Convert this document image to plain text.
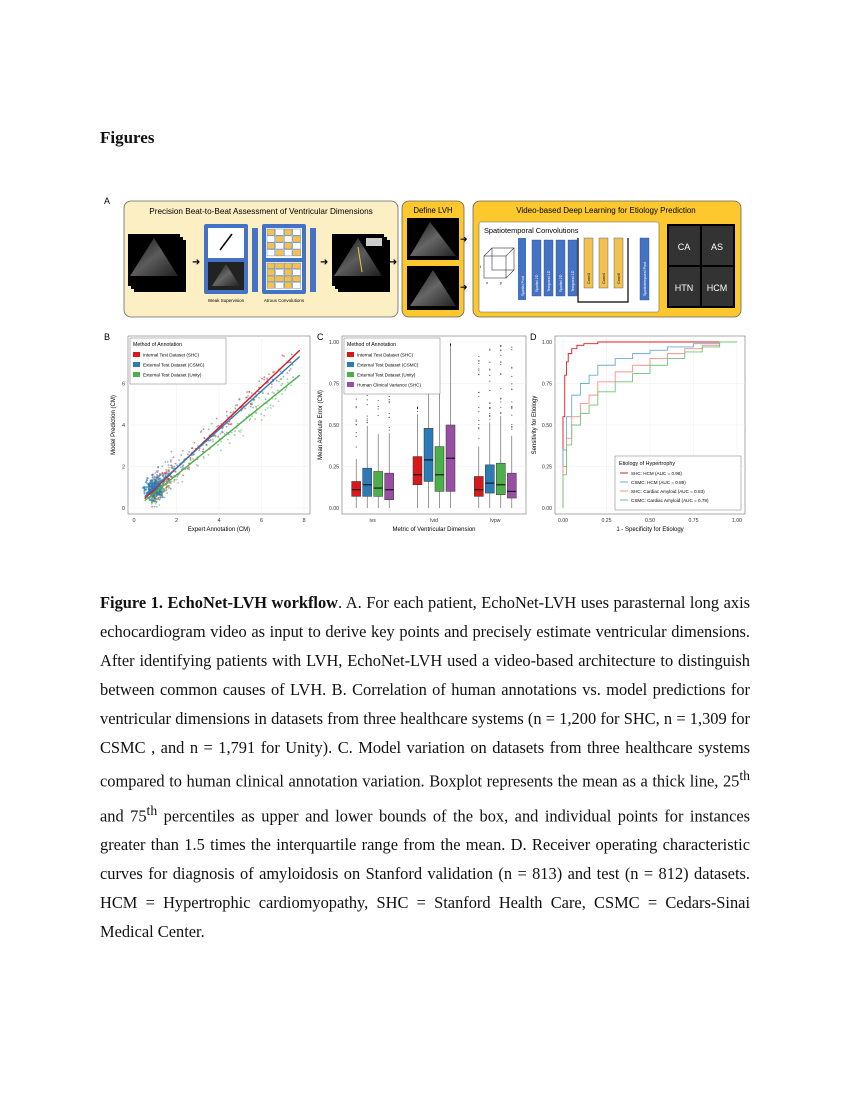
Figures
A
Precision Beat-to-Beat Assessment of Ventricular Dimensions
➜
Weak Supervision	Atrous Convolutions
➜	➜
Define LVH
➜
➜
Video-based Deep Learning for Etiology Prediction
Spatiotemporal Convolutions
t
x	y	Spatial Pool	Spatial 2D Temporal 1D Spatial 2D Temporal 1D	Conv3	Conv4	Conv5	Spatiotemporal Pool
CA AS
HTN HCM
B
0	2	4	6	8
0
2
4
6
Expert Annotation (CM)
Model Prediction (CM)
Method of Annotation
Internal Test Dataset (SHC)
External Test Dataset (CSMC)
External Test Dataset (Unity)
C
0.00
0.25
0.50
0.75
1.00
Metric of Ventricular Dimension
Mean Absolute Error (CM)
ivs	lvid	lvpw
Method of Annotation
Internal Test Dataset (SHC)
External Test Dataset (CSMC)
External Test Dataset (Unity)
Human Clinical Variance (SHC)
D
0.00	0.25	0.50	0.75	1.00
0.00
0.25
0.50
0.75
1.00
1 - Specificity for Etiology
Sensitivity for Etiology
Etiology of Hypertrophy
SHC: HCM (AUC = 0.98)
CSMC: HCM (AUC = 0.89)
SHC: Cardiac Amyloid (AUC = 0.83)
CSMC: Cardiac Amyloid (AUC = 0.79)
Figure 1. EchoNet-LVH workflow. A. For each patient, EchoNet-LVH uses parasternal long axis echocardiogram video as input to derive key points and precisely estimate ventricular dimensions. After identifying patients with LVH, EchoNet-LVH used a video-based architecture to distinguish between common causes of LVH. B. Correlation of human annotations vs. model predictions for ventricular dimensions in datasets from three healthcare systems (n = 1,200 for SHC, n = 1,309 for CSMC , and n = 1,791 for Unity). C. Model variation on datasets from three healthcare systems compared to human clinical annotation variation. Boxplot represents the mean as a thick line, 25th and 75th percentiles as upper and lower bounds of the box, and individual points for instances greater than 1.5 times the interquartile range from the mean. D. Receiver operating characteristic curves for diagnosis of amyloidosis on Stanford validation (n = 813) and test (n = 812) datasets. HCM = Hypertrophic cardiomyopathy, SHC = Stanford Health Care, CSMC = Cedars-Sinai Medical Center.
